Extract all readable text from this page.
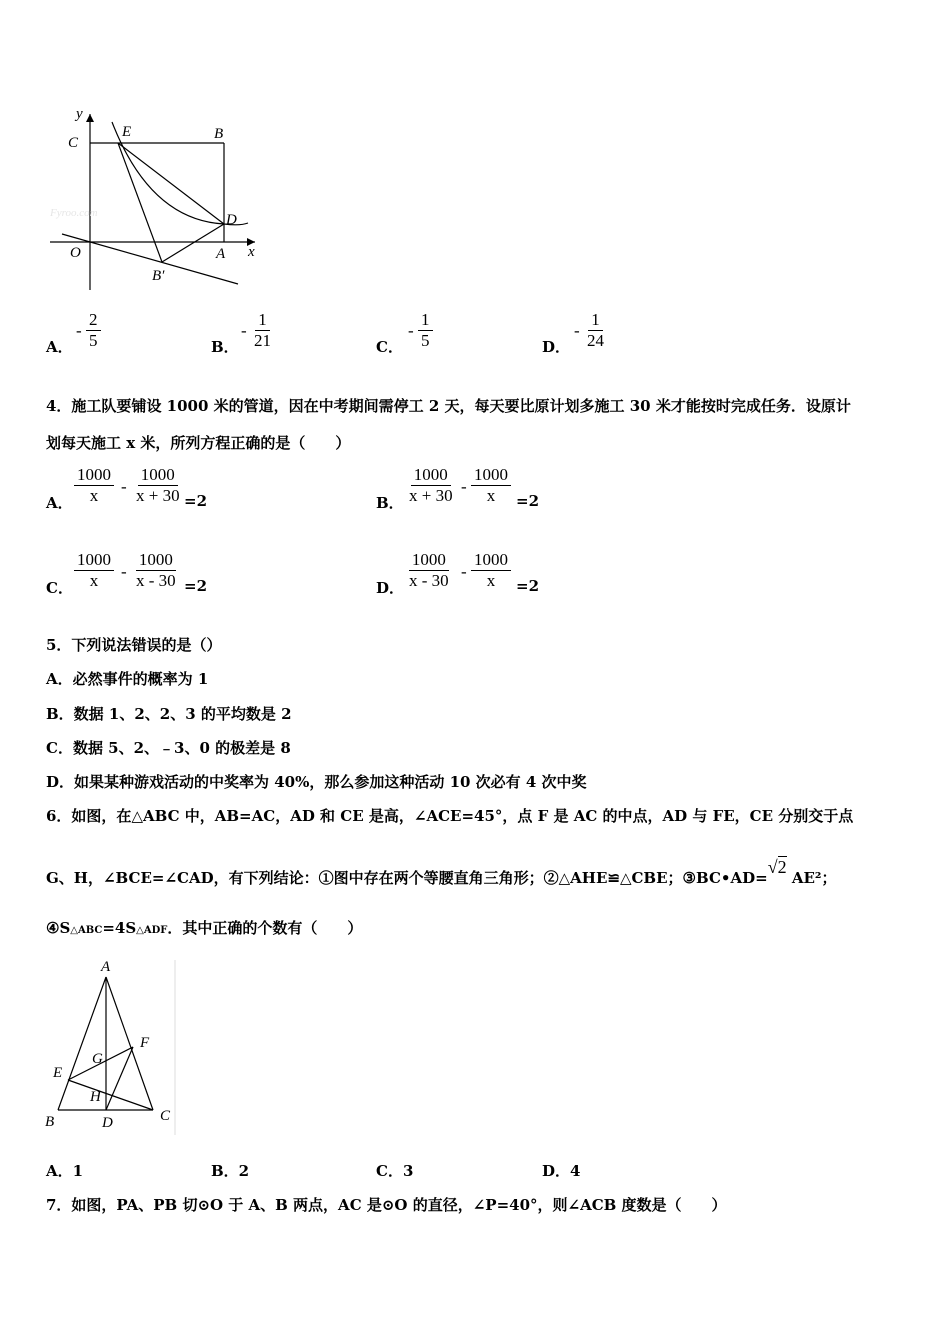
y
C
E	B
D
O	A x
B′
Fyroo.com
A．
- $\frac{2}{5}$	B．
- $\frac{1}{21}$	C．
- $\frac{1}{5}$	D．
- $\frac{1}{24}$
4．施工队要铺设 1000 米的管道，因在中考期间需停工 2 天，每天要比原计划多施工 30 米才能按时完成任务．设原计
划每天施工 x 米，所列方程正确的是（　　）
A． $\frac{1000}{x} - \frac{1000}{x + 30} =2$	B． $\frac{1000}{x + 30} - \frac{1000}{x} =2$
C． $\frac{1000}{x} - \frac{1000}{x - 30} =2$	D． $\frac{1000}{x - 30} - \frac{1000}{x} =2$
5．下列说法错误的是（）
A．必然事件的概率为 1
B．数据 1、2、2、3 的平均数是 2
C．数据 5、2、﹣3、0 的极差是 8
D．如果某种游戏活动的中奖率为 40%，那么参加这种活动 10 次必有 4 次中奖
6．如图，在△ABC 中，AB=AC，AD 和 CE 是高，∠ACE=45°，点 F 是 AC 的中点，AD 与 FE，CE 分别交于点
G、H，∠BCE=∠CAD，有下列结论：①图中存在两个等腰直角三角形；②△AHE≌△CBE；③BC•AD=√2 AE²；
④S△ABC=4S△ADF．其中正确的个数有（　　）
A
F
G
E
H
B	D	C
A．1	B．2	C．3	D．4
7．如图，PA、PB 切⊙O 于 A、B 两点，AC 是⊙O 的直径，∠P=40°，则∠ACB 度数是（　　）
